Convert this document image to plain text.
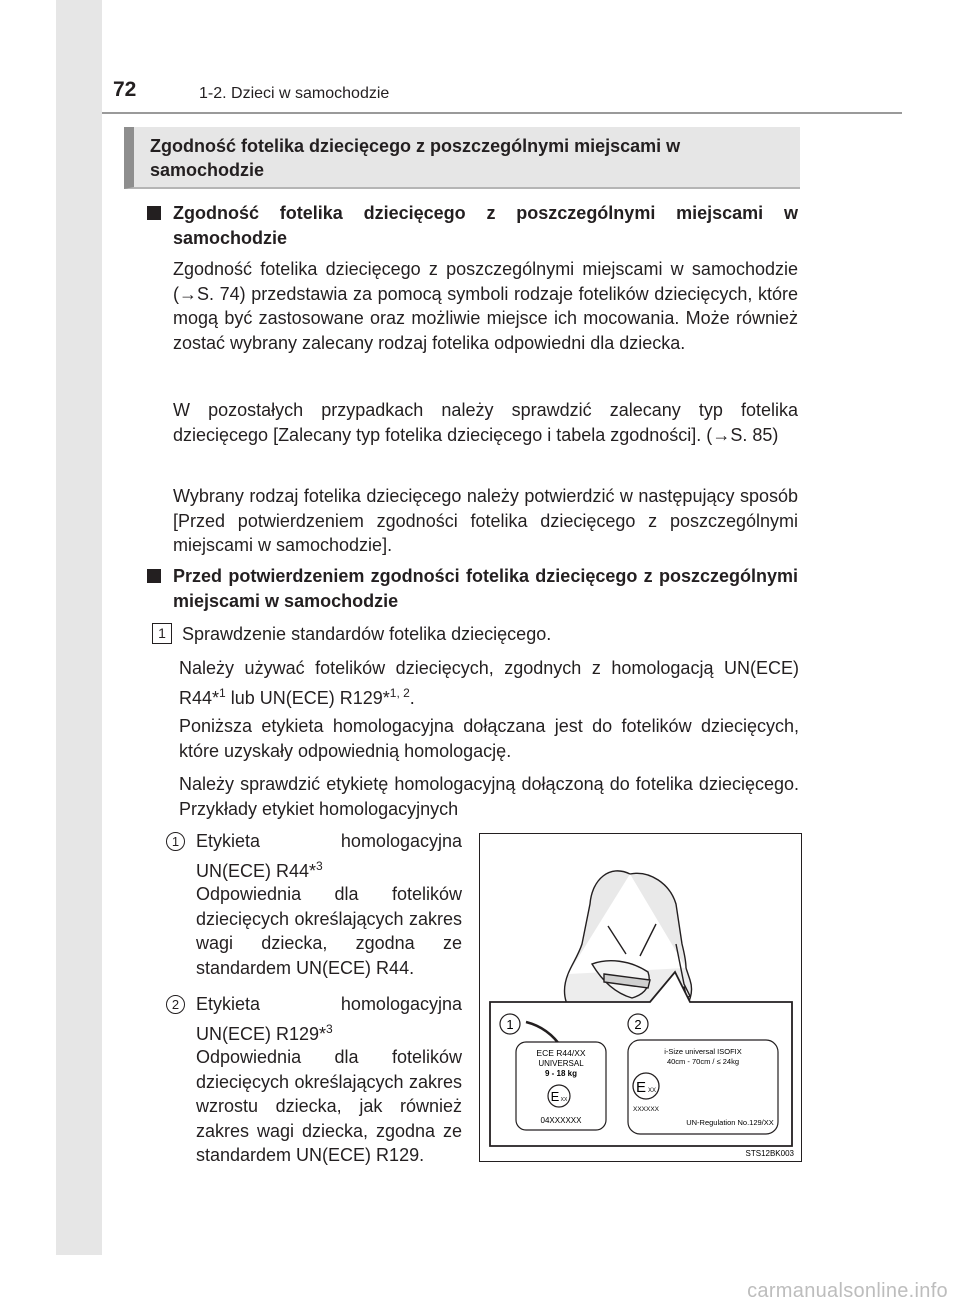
72	1-2. Dzieci w samochodzie
Zgodność fotelika dziecięcego z poszczególnymi miejscami w samochodzie
Zgodność fotelika dziecięcego z poszczególnymi miejscami w samochodzie
Zgodność fotelika dziecięcego z poszczególnymi miejscami w samochodzie (→S. 74) przedstawia za pomocą symboli rodzaje fotelików dziecięcych, które mogą być zastosowane oraz możliwie miejsce ich mocowania. Może również zostać wybrany zalecany rodzaj fotelika odpowiedni dla dziecka.
W pozostałych przypadkach należy sprawdzić zalecany typ fotelika dziecięcego [Zalecany typ fotelika dziecięcego i tabela zgodności]. (→S. 85)
Wybrany rodzaj fotelika dziecięcego należy potwierdzić w następujący sposób [Przed potwierdzeniem zgodności fotelika dziecięcego z poszczególnymi miejscami w samochodzie].
Przed potwierdzeniem zgodności fotelika dziecięcego z poszczególnymi miejscami w samochodzie
1 Sprawdzenie standardów fotelika dziecięcego.
Należy używać fotelików dziecięcych, zgodnych z homologacją UN(ECE) R44*$^1$ lub UN(ECE) R129*$^{1, 2}$.
Poniższa etykieta homologacyjna dołączana jest do fotelików dziecięcych, które uzyskały odpowiednią homologację.
Należy sprawdzić etykietę homologacyjną dołączoną do fotelika dziecięcego. Przykłady etykiet homologacyjnych
1 Etykieta homologacyjna UN(ECE) R44*$^3$
Odpowiednia dla fotelików dziecięcych określających zakres wagi dziecka, zgodna ze standardem UN(ECE) R44.
2 Etykieta homologacyjna UN(ECE) R129*$^3$
Odpowiednia dla fotelików dziecięcych określających zakres wzrostu dziecka, jak również zakres wagi dziecka, zgodna ze standardem UN(ECE) R129.
1	2
ECE R44/XX
UNIVERSAL
9 - 18 kg
E XX
04XXXXXX
i-Size universal ISOFIX
40cm - 70cm / ≤ 24kg
E XX
XXXXXX
UN-Regulation No.129/XX
STS12BK003
carmanualsonline.info
